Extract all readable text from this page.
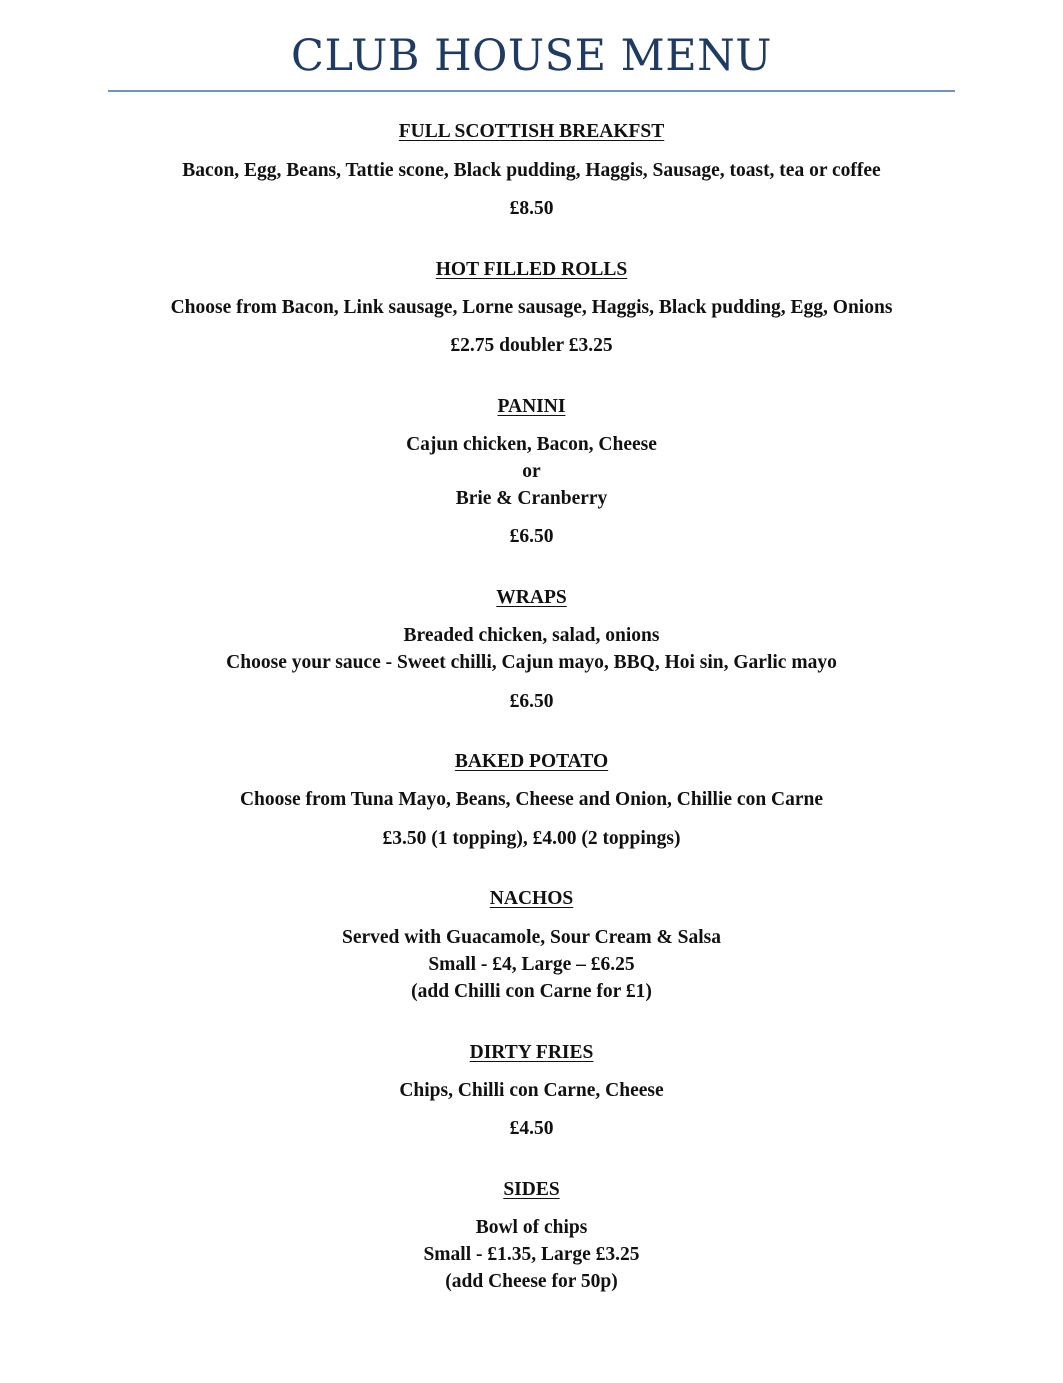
CLUB HOUSE MENU
FULL SCOTTISH BREAKFST
Bacon, Egg, Beans, Tattie scone, Black pudding, Haggis, Sausage, toast, tea or coffee
£8.50
HOT FILLED ROLLS
Choose from Bacon, Link sausage, Lorne sausage, Haggis, Black pudding, Egg, Onions
£2.75 doubler £3.25
PANINI
Cajun chicken, Bacon, Cheese
or
Brie & Cranberry
£6.50
WRAPS
Breaded chicken, salad, onions
Choose your sauce - Sweet chilli, Cajun mayo, BBQ, Hoi sin, Garlic mayo
£6.50
BAKED POTATO
Choose from Tuna Mayo, Beans, Cheese and Onion, Chillie con Carne
£3.50 (1 topping), £4.00 (2 toppings)
NACHOS
Served with Guacamole, Sour Cream & Salsa
Small - £4, Large – £6.25
(add Chilli con Carne for £1)
DIRTY FRIES
Chips, Chilli con Carne, Cheese
£4.50
SIDES
Bowl of chips
Small - £1.35, Large £3.25
(add Cheese for 50p)
